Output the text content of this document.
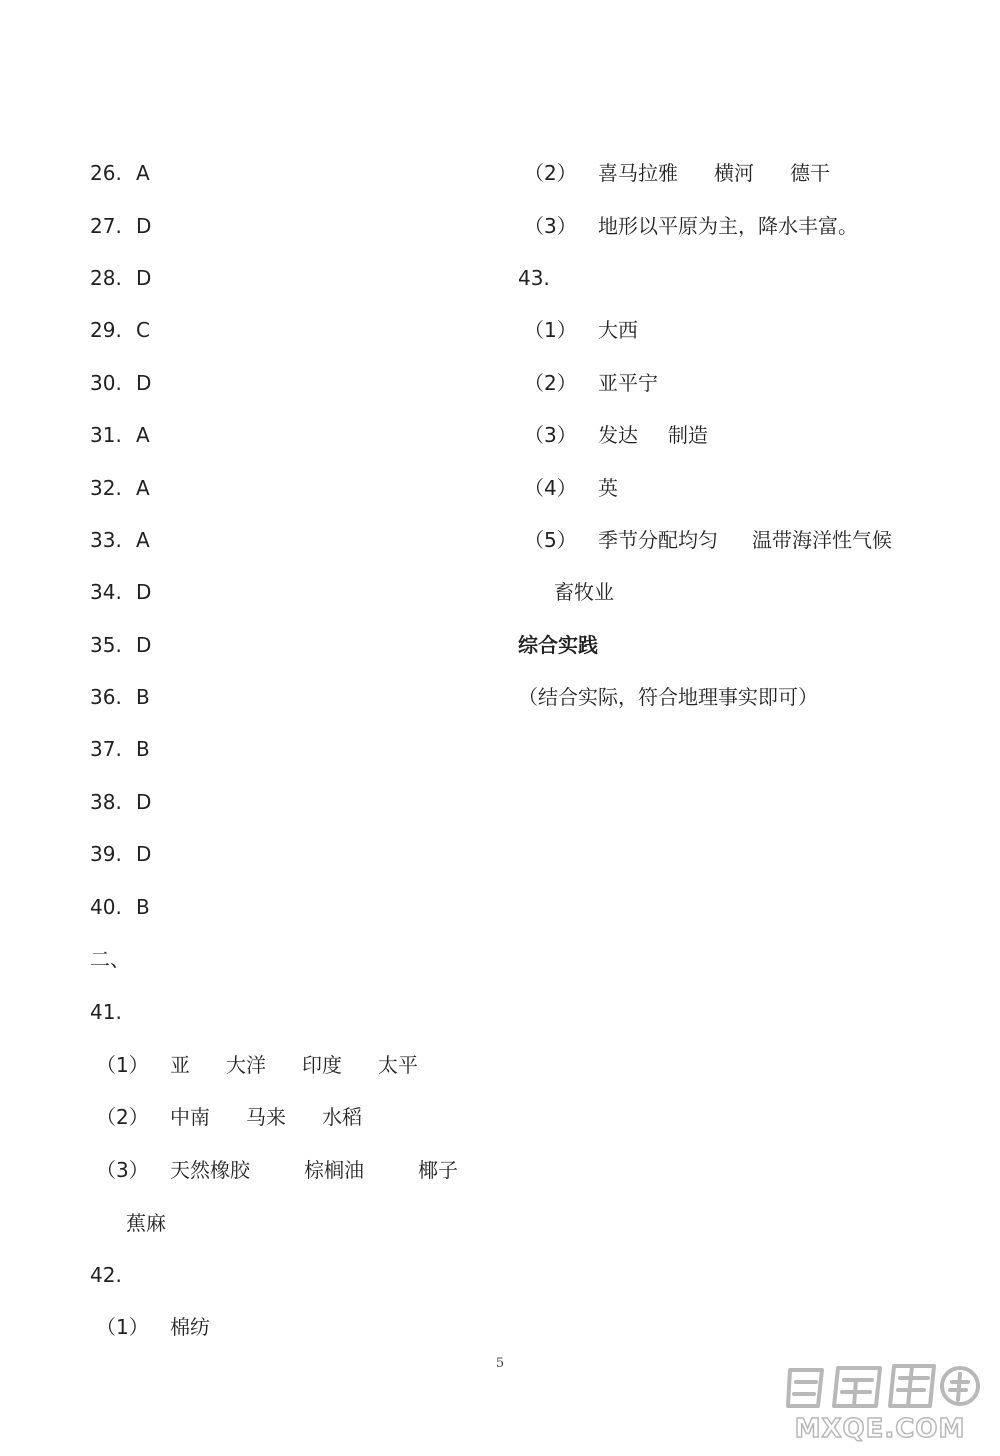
26. A
27. D
28. D
29. C
30. D
31. A
32. A
33. A
34. D
35. D
36. B
37. B
38. D
39. D
40. B
二、
41.
（1） 亚 大洋 印度 太平
（2） 中南 马来 水稻
（3） 天然橡胶	棕榈油	椰子
蕉麻
42.
（1） 棉纺
（2） 喜马拉雅 横河 德干
（3） 地形以平原为主，降水丰富。
43.
（1） 大西
（2） 亚平宁
（3） 发达 制造
（4） 英
（5） 季节分配均匀 温带海洋性气候
畜牧业
综合实践
（结合实际，符合地理事实即可）
5
MXQE.COM
